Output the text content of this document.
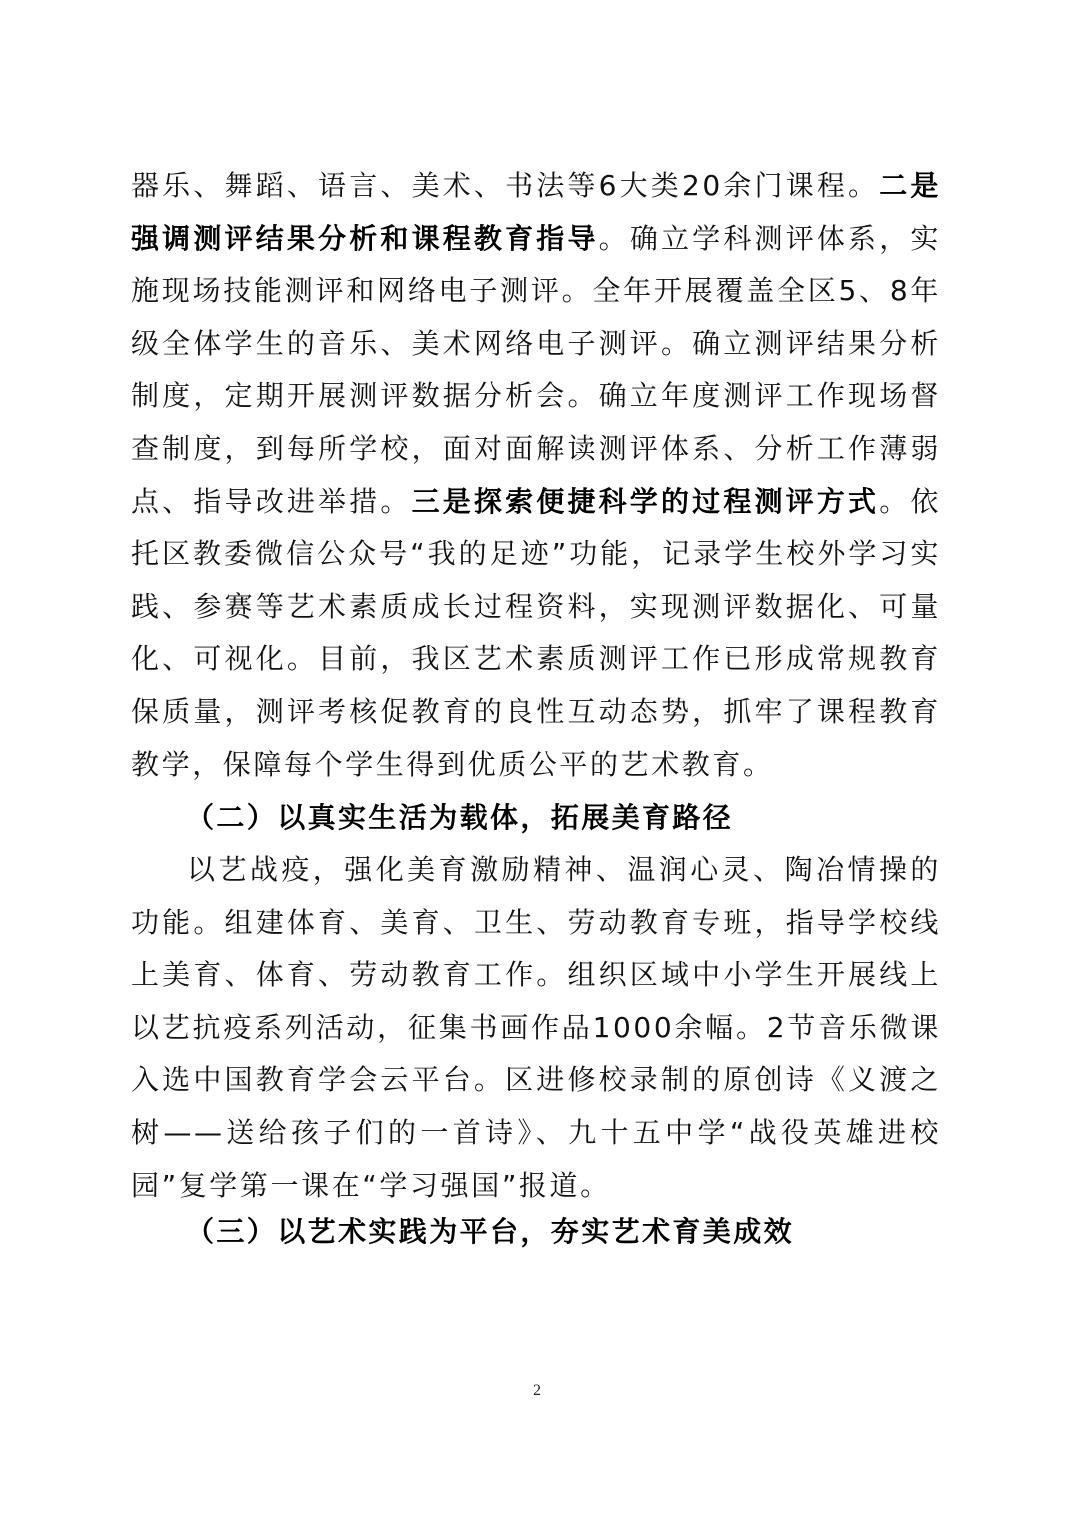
器乐、舞蹈、语言、美术、书法等6大类20余门课程。二是强调测评结果分析和课程教育指导。确立学科测评体系，实施现场技能测评和网络电子测评。全年开展覆盖全区5、8年级全体学生的音乐、美术网络电子测评。确立测评结果分析制度，定期开展测评数据分析会。确立年度测评工作现场督查制度，到每所学校，面对面解读测评体系、分析工作薄弱点、指导改进举措。三是探索便捷科学的过程测评方式。依托区教委微信公众号“我的足迹”功能，记录学生校外学习实践、参赛等艺术素质成长过程资料，实现测评数据化、可量化、可视化。目前，我区艺术素质测评工作已形成常规教育保质量，测评考核促教育的良性互动态势，抓牢了课程教育教学，保障每个学生得到优质公平的艺术教育。

（二）以真实生活为载体，拓展美育路径

以艺战疫，强化美育激励精神、温润心灵、陶冶情操的功能。组建体育、美育、卫生、劳动教育专班，指导学校线上美育、体育、劳动教育工作。组织区域中小学生开展线上以艺抗疫系列活动，征集书画作品1000余幅。2节音乐微课入选中国教育学会云平台。区进修校录制的原创诗《义渡之树——送给孩子们的一首诗》、九十五中学“战役英雄进校园”复学第一课在“学习强国”报道。

（三）以艺术实践为平台，夯实艺术育美成效
2
